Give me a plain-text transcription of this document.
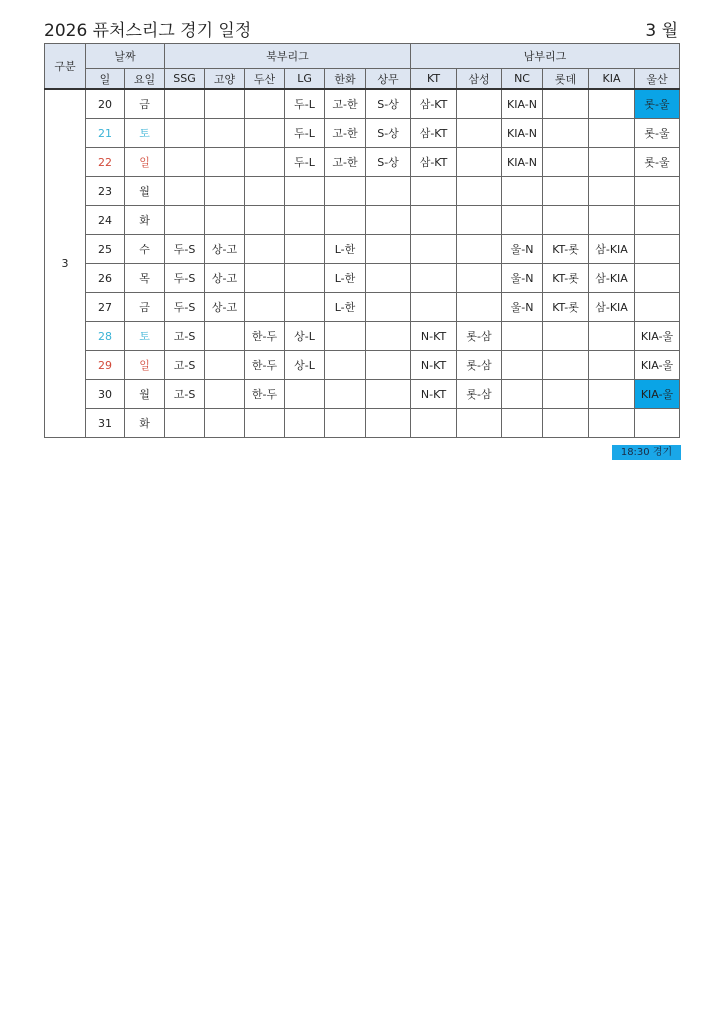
2026 퓨처스리그 경기 일정	3 월
구분	날짜		북부리그						남부리그					
	일	요일	SSG	고양	두산	LG	한화	상무	KT	삼성	NC	롯데	KIA	울산
3	20	금				두-L	고-한	S-상	삼-KT		KIA-N			롯-울
	21	토				두-L	고-한	S-상	삼-KT		KIA-N			롯-울
	22	일				두-L	고-한	S-상	삼-KT		KIA-N			롯-울
	23	월												
	24	화												
	25	수	두-S	상-고			L-한				울-N	KT-롯	삼-KIA	
	26	목	두-S	상-고			L-한				울-N	KT-롯	삼-KIA	
	27	금	두-S	상-고			L-한				울-N	KT-롯	삼-KIA	
	28	토	고-S		한-두	상-L			N-KT	롯-삼				KIA-울
	29	일	고-S		한-두	상-L			N-KT	롯-삼				KIA-울
	30	월	고-S		한-두				N-KT	롯-삼				KIA-울
	31	화												
18:30 경기
